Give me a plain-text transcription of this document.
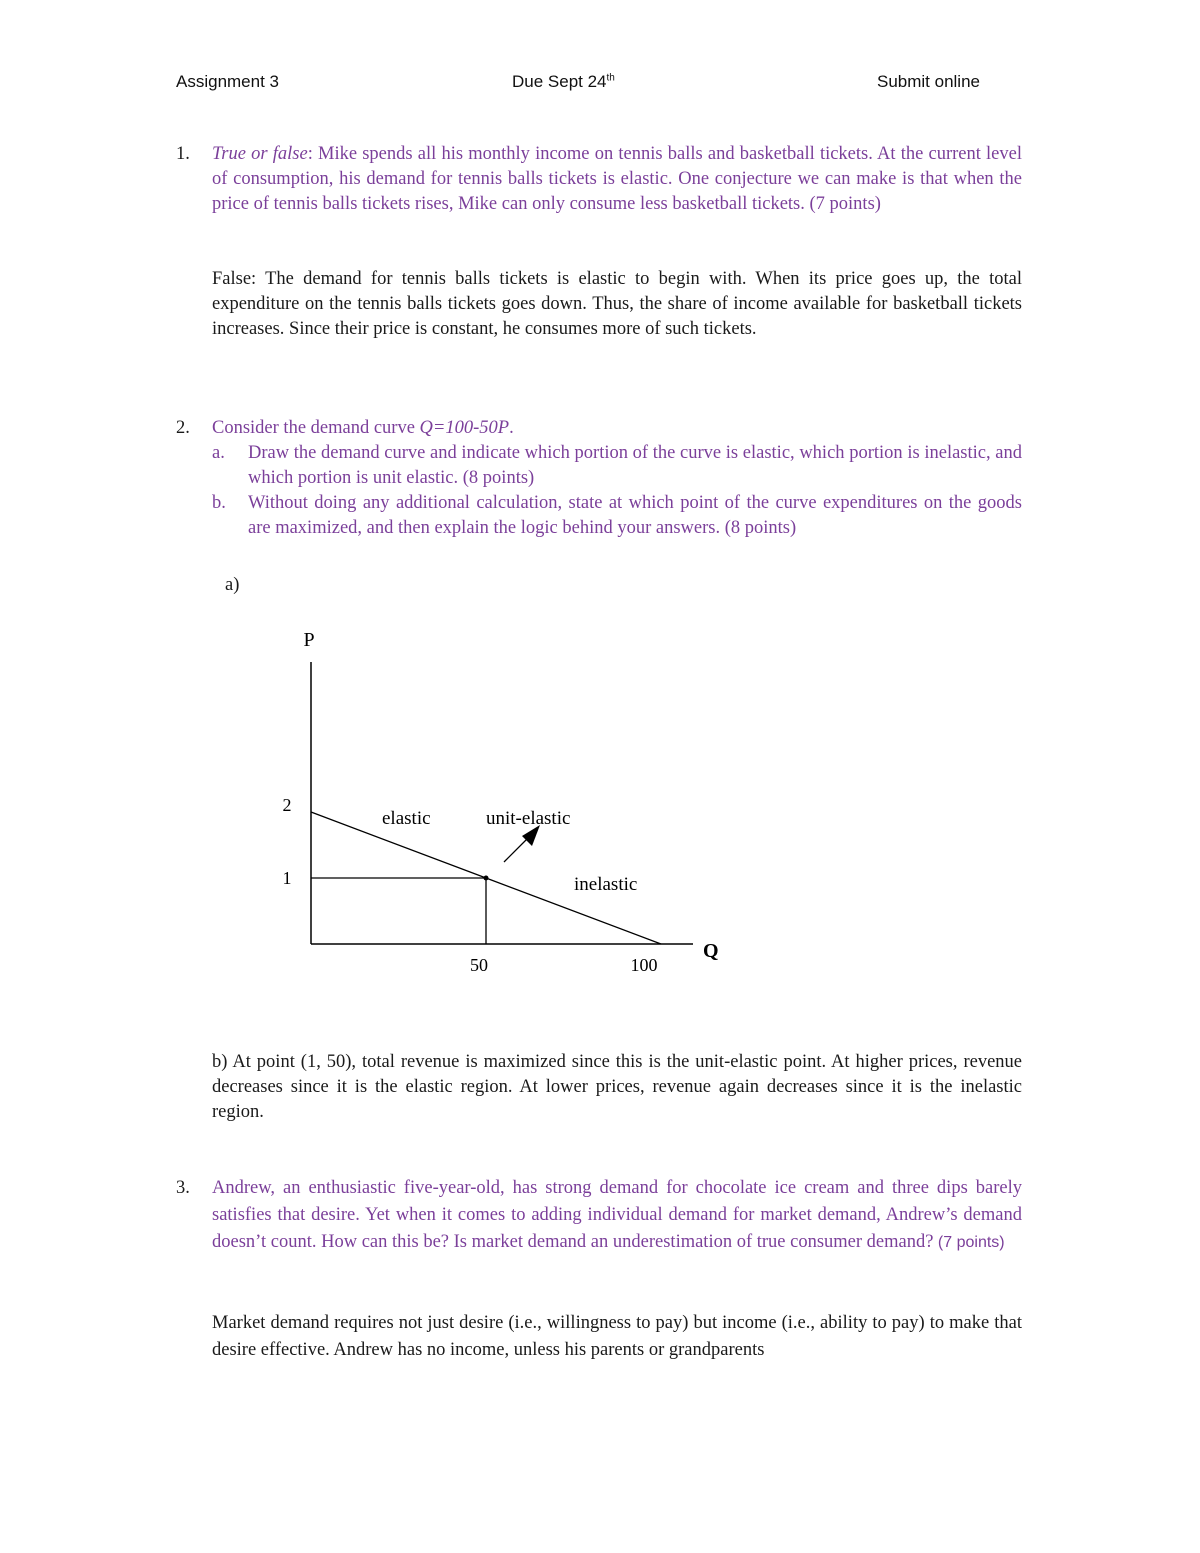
Assignment 3	Due Sept 24th	Submit online
1. True or false: Mike spends all his monthly income on tennis balls and basketball tickets. At the current level of consumption, his demand for tennis balls tickets is elastic. One conjecture we can make is that when the price of tennis balls tickets rises, Mike can only consume less basketball tickets. (7 points)
False: The demand for tennis balls tickets is elastic to begin with. When its price goes up, the total expenditure on the tennis balls tickets goes down. Thus, the share of income available for basketball tickets increases. Since their price is constant, he consumes more of such tickets.
2. Consider the demand curve Q=100-50P.
a. Draw the demand curve and indicate which portion of the curve is elastic, which portion is inelastic, and which portion is unit elastic. (8 points)
b. Without doing any additional calculation, state at which point of the curve expenditures on the goods are maximized, and then explain the logic behind your answers. (8 points)
a)
P
Q
1
2
50	100
elastic	unit-elastic
inelastic
b) At point (1, 50), total revenue is maximized since this is the unit-elastic point. At higher prices, revenue decreases since it is the elastic region. At lower prices, revenue again decreases since it is the inelastic region.
3. Andrew, an enthusiastic five-year-old, has strong demand for chocolate ice cream and three dips barely satisfies that desire. Yet when it comes to adding individual demand for market demand, Andrew’s demand doesn’t count. How can this be? Is market demand an underestimation of true consumer demand? (7 points)
Market demand requires not just desire (i.e., willingness to pay) but income (i.e., ability to pay) to make that desire effective. Andrew has no income, unless his parents or grandparents
